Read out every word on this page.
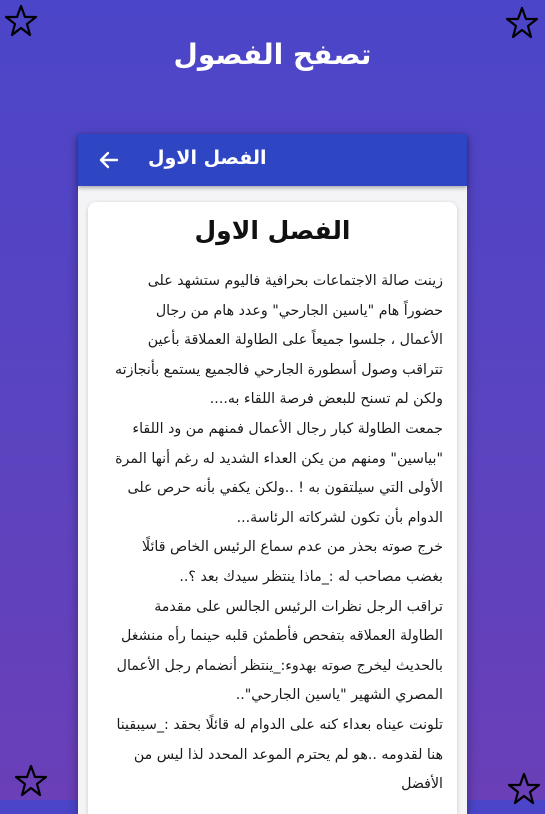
تصفح الفصول
الفصل الاول
الفصل الاول

زينت صالة الاجتماعات بحرافية فاليوم ستشهد على حضوراً هام "ياسين الجارحي" وعدد هام من رجال الأعمال ، جلسوا جميعاً على الطاولة العملاقة بأعين تتراقب وصول أسطورة الجارحي فالجميع يستمع بأنجازته ولكن لم تسنح للبعض فرصة اللقاء به....

جمعت الطاولة كبار رجال الأعمال فمنهم من ود اللقاء "بياسين" ومنهم من يكن العداء الشديد له رغم أنها المرة الأولى التي سيلتقون به ! ..ولكن يكفي بأنه حرص على الدوام بأن تكون لشركاته الرئاسة...

خرج صوته بحذر من عدم سماع الرئيس الخاص قائلًا بغضب مصاحب له :_ماذا ينتظر سيدك بعد ؟..

تراقب الرجل نظرات الرئيس الجالس على مقدمة الطاولة العملاقه بتفحص فأطمئن قلبه حينما رأه منشغل بالحديث ليخرج صوته بهدوء:_ينتظر أنضمام رجل الأعمال المصري الشهير "ياسين الجارحي"..

تلونت عيناه بعداء كنه على الدوام له قائلًا بحقد :_سيبقينا هنا لقدومه ..هو لم يحترم الموعد المحدد لذا ليس من الأفضل
